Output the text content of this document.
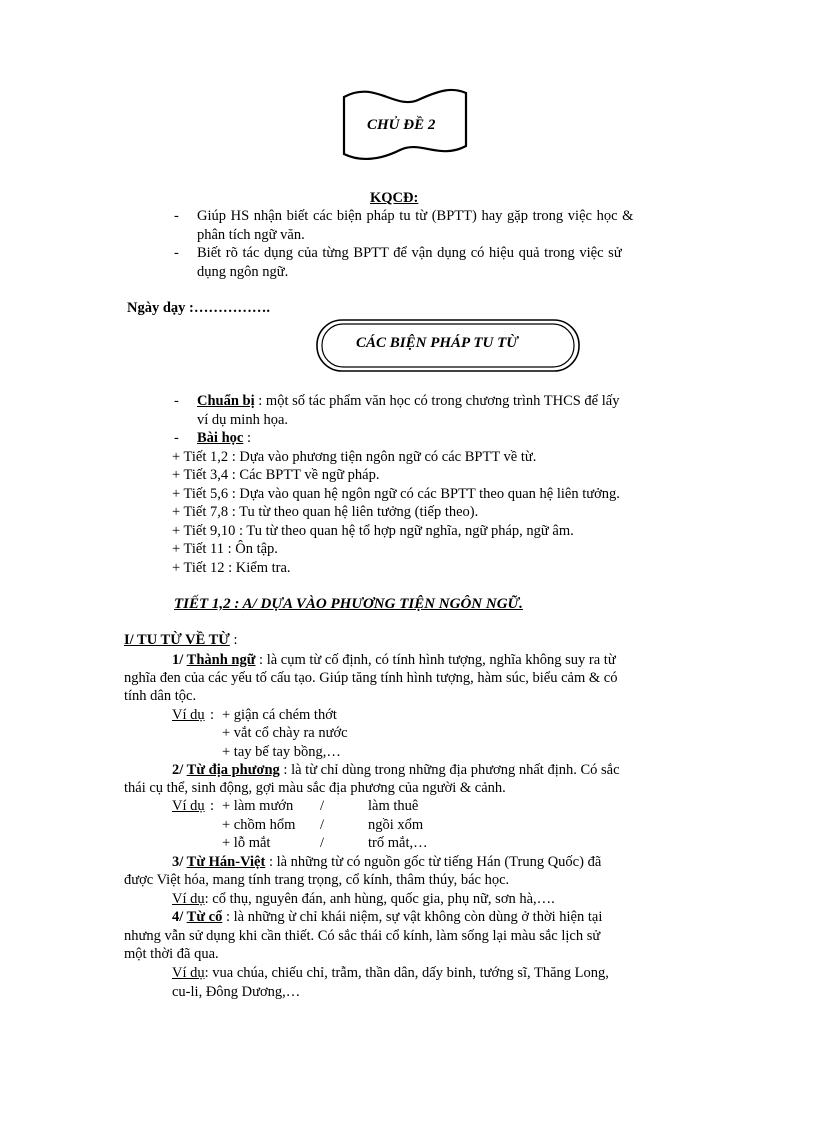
CHỦ ĐỀ 2
KQCĐ:
- Giúp HS nhận biết các biện pháp tu từ (BPTT) hay gặp trong việc học &
phân tích ngữ văn.
- Biết rõ tác dụng của từng BPTT để vận dụng có hiệu quả trong việc sử
dụng ngôn ngữ.
Ngày dạy :…………….
CÁC BIỆN PHÁP TU TỪ
- Chuẩn bị : một số tác phẩm văn học có trong chương trình THCS để lấy
ví dụ minh họa.
- Bài học :
+ Tiết 1,2 : Dựa vào phương tiện ngôn ngữ có các BPTT về từ.
+ Tiết 3,4 : Các BPTT về ngữ pháp.
+ Tiết 5,6 : Dựa vào quan hệ ngôn ngữ có các BPTT theo quan hệ liên tưởng.
+ Tiết 7,8 : Tu từ theo quan hệ liên tưởng (tiếp theo).
+ Tiết 9,10 : Tu từ theo quan hệ tổ hợp ngữ nghĩa, ngữ pháp, ngữ âm.
+ Tiết 11 : Ôn tập.
+ Tiết 12 : Kiểm tra.
TIẾT 1,2 : A/ DỰA VÀO PHƯƠNG TIỆN NGÔN NGỮ.
I/ TU TỪ VỀ TỪ :
1/ Thành ngữ : là cụm từ cố định, có tính hình tượng, nghĩa không suy ra từ
nghĩa đen của các yếu tố cấu tạo. Giúp tăng tính hình tượng, hàm súc, biểu cảm & có
tính dân tộc.
Ví dụ : + giận cá chém thớt
+ vắt cổ chày ra nước
+ tay bế tay bồng,…
2/ Từ địa phương : là từ chỉ dùng trong những địa phương nhất định. Có sắc
thái cụ thể, sinh động, gợi màu sắc địa phương của người & cảnh.
Ví dụ : + làm mướn /	làm thuê
+ chồm hổm /	ngồi xổm
+ lỗ mắt	/	trố mắt,…
3/ Từ Hán-Việt : là những từ có nguồn gốc từ tiếng Hán (Trung Quốc) đã
được Việt hóa, mang tính trang trọng, cổ kính, thâm thúy, bác học.
Ví dụ: cổ thụ, nguyên đán, anh hùng, quốc gia, phụ nữ, sơn hà,….
4/ Từ cổ : là những ừ chỉ khái niệm, sự vật không còn dùng ở thời hiện tại
nhưng vẫn sử dụng khi cần thiết. Có sắc thái cổ kính, làm sống lại màu sắc lịch sử
một thời đã qua.
Ví dụ: vua chúa, chiếu chỉ, trẫm, thần dân, dấy binh, tướng sĩ, Thăng Long,
cu-li, Đông Dương,…
